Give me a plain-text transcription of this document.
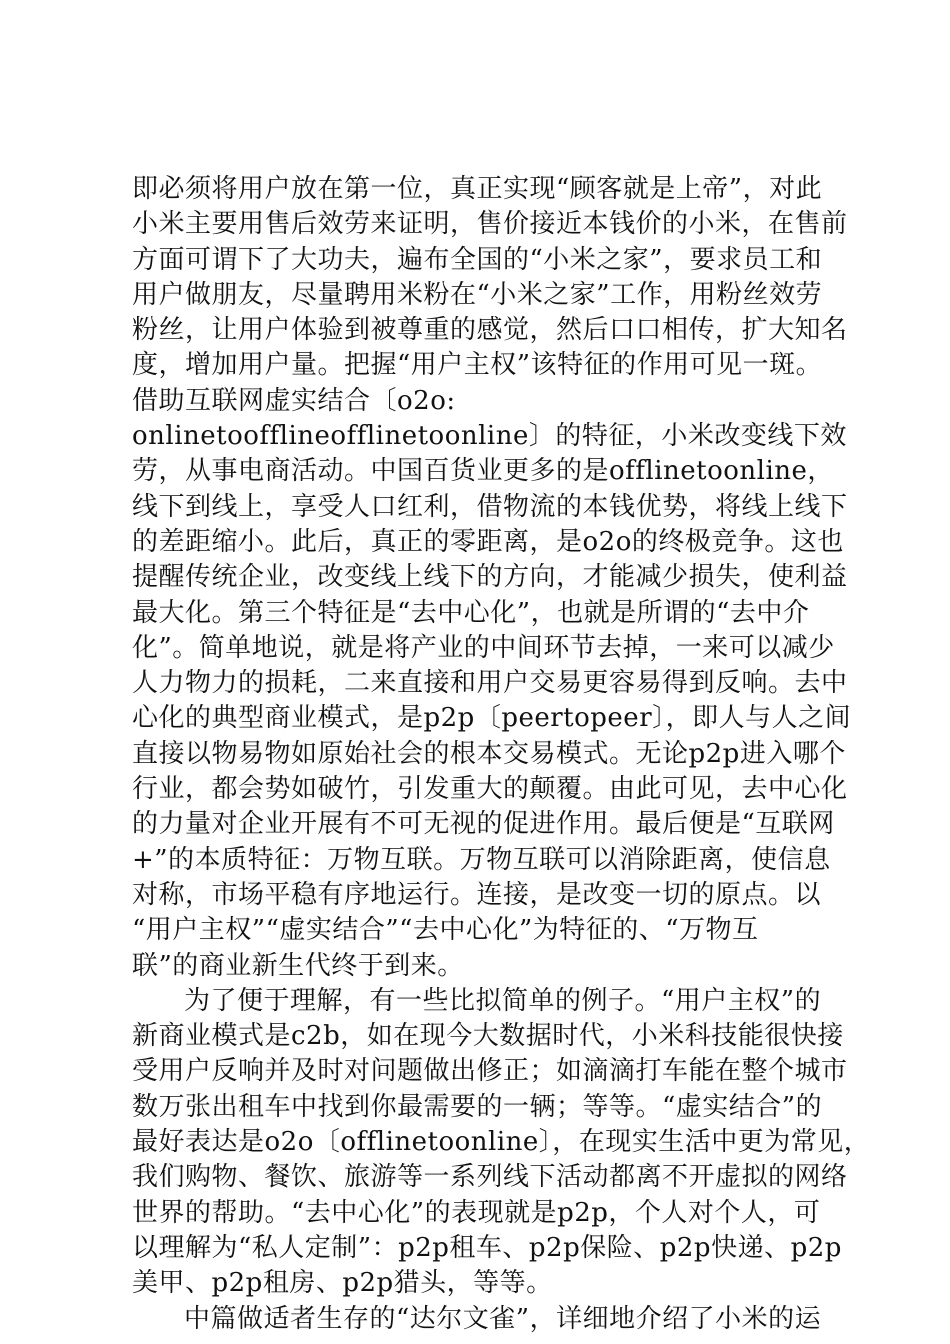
即必须将用户放在第一位，真正实现“顾客就是上帝”，对此
小米主要用售后效劳来证明，售价接近本钱价的小米，在售前
方面可谓下了大功夫，遍布全国的“小米之家”，要求员工和
用户做朋友，尽量聘用米粉在“小米之家”工作，用粉丝效劳
粉丝，让用户体验到被尊重的感觉，然后口口相传，扩大知名
度，增加用户量。把握“用户主权”该特征的作用可见一斑。
借助互联网虚实结合〔o2o:
onlinetoofflineofflinetoonline〕的特征，小米改变线下效
劳，从事电商活动。中国百货业更多的是offlinetoonline，
线下到线上，享受人口红利，借物流的本钱优势，将线上线下
的差距缩小。此后，真正的零距离，是o2o的终极竞争。这也
提醒传统企业，改变线上线下的方向，才能减少损失，使利益
最大化。第三个特征是“去中心化”，也就是所谓的“去中介
化”。简单地说，就是将产业的中间环节去掉，一来可以减少
人力物力的损耗，二来直接和用户交易更容易得到反响。去中
心化的典型商业模式，是p2p〔peertopeer〕，即人与人之间
直接以物易物如原始社会的根本交易模式。无论p2p进入哪个
行业，都会势如破竹，引发重大的颠覆。由此可见，去中心化
的力量对企业开展有不可无视的促进作用。最后便是“互联网
+”的本质特征：万物互联。万物互联可以消除距离，使信息
对称，市场平稳有序地运行。连接，是改变一切的原点。以
“用户主权”“虚实结合”“去中心化”为特征的、“万物互
联”的商业新生代终于到来。
为了便于理解，有一些比拟简单的例子。“用户主权”的
新商业模式是c2b，如在现今大数据时代，小米科技能很快接
受用户反响并及时对问题做出修正；如滴滴打车能在整个城市
数万张出租车中找到你最需要的一辆；等等。“虚实结合”的
最好表达是o2o〔offlinetoonline〕，在现实生活中更为常见，
我们购物、餐饮、旅游等一系列线下活动都离不开虚拟的网络
世界的帮助。“去中心化”的表现就是p2p，个人对个人，可
以理解为“私人定制”：p2p租车、p2p保险、p2p快递、p2p
美甲、p2p租房、p2p猎头，等等。
中篇做适者生存的“达尔文雀”，详细地介绍了小米的运
